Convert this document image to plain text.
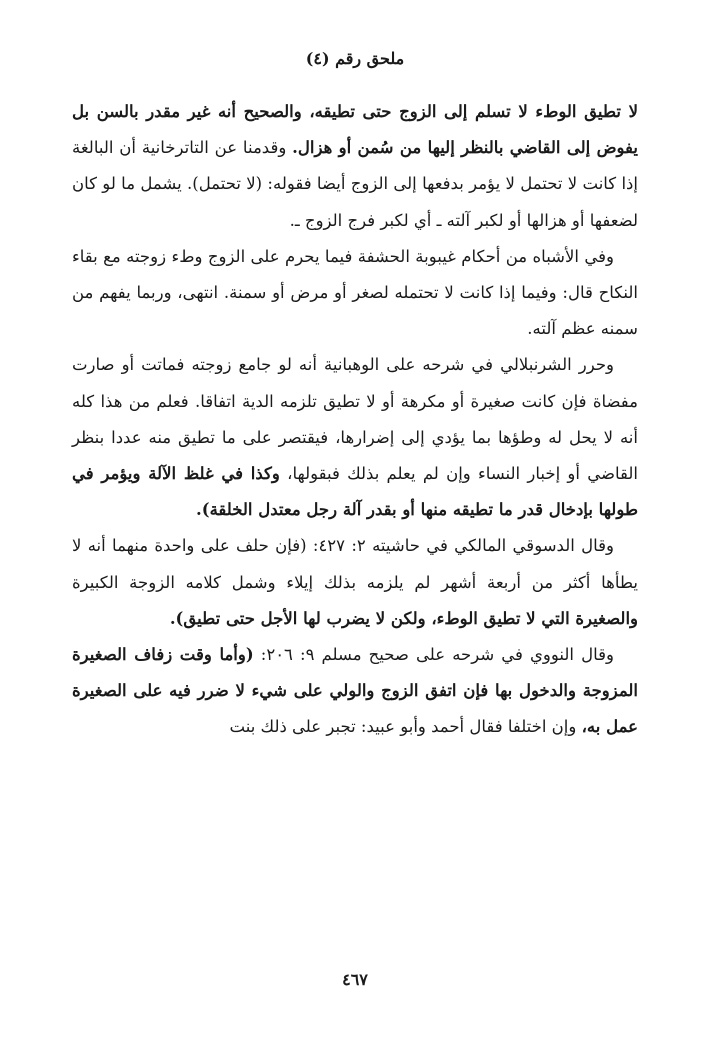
ملحق رقم (٤)

لا تطيق الوطء لا تسلم إلى الزوج حتى تطيقه، والصحيح أنه غير مقدر بالسن بل يفوض إلى القاضي بالنظر إليها من سُمن أو هزال. وقدمنا عن التاترخانية أن البالغة إذا كانت لا تحتمل لا يؤمر بدفعها إلى الزوج أيضا فقوله: (لا تحتمل). يشمل ما لو كان لضعفها أو هزالها أو لكبر آلته ـ أي لكبر فرج الزوج ـ.

وفي الأشباه من أحكام غيبوبة الحشفة فيما يحرم على الزوج وطء زوجته مع بقاء النكاح قال: وفيما إذا كانت لا تحتمله لصغر أو مرض أو سمنة. انتهى، وربما يفهم من سمنه عظم آلته.

وحرر الشرنبلالي في شرحه على الوهبانية أنه لو جامع زوجته فماتت أو صارت مفضاة فإن كانت صغيرة أو مكرهة أو لا تطيق تلزمه الدية اتفاقا. فعلم من هذا كله أنه لا يحل له وطؤها بما يؤدي إلى إضرارها، فيقتصر على ما تطيق منه عددا بنظر القاضي أو إخبار النساء وإن لم يعلم بذلك فبقولها، وكذا في غلظ الآلة ويؤمر في طولها بإدخال قدر ما تطيقه منها أو بقدر آلة رجل معتدل الخلقة).

وقال الدسوقي المالكي في حاشيته ٢: ٤٢٧: (فإن حلف على واحدة منهما أنه لا يطأها أكثر من أربعة أشهر لم يلزمه بذلك إيلاء وشمل كلامه الزوجة الكبيرة والصغيرة التي لا تطيق الوطء، ولكن لا يضرب لها الأجل حتى تطيق).

وقال النووي في شرحه على صحيح مسلم ٩: ٢٠٦: (وأما وقت زفاف الصغيرة المزوجة والدخول بها فإن اتفق الزوج والولي على شيء لا ضرر فيه على الصغيرة عمل به، وإن اختلفا فقال أحمد وأبو عبيد: تجبر على ذلك بنت

٤٦٧
